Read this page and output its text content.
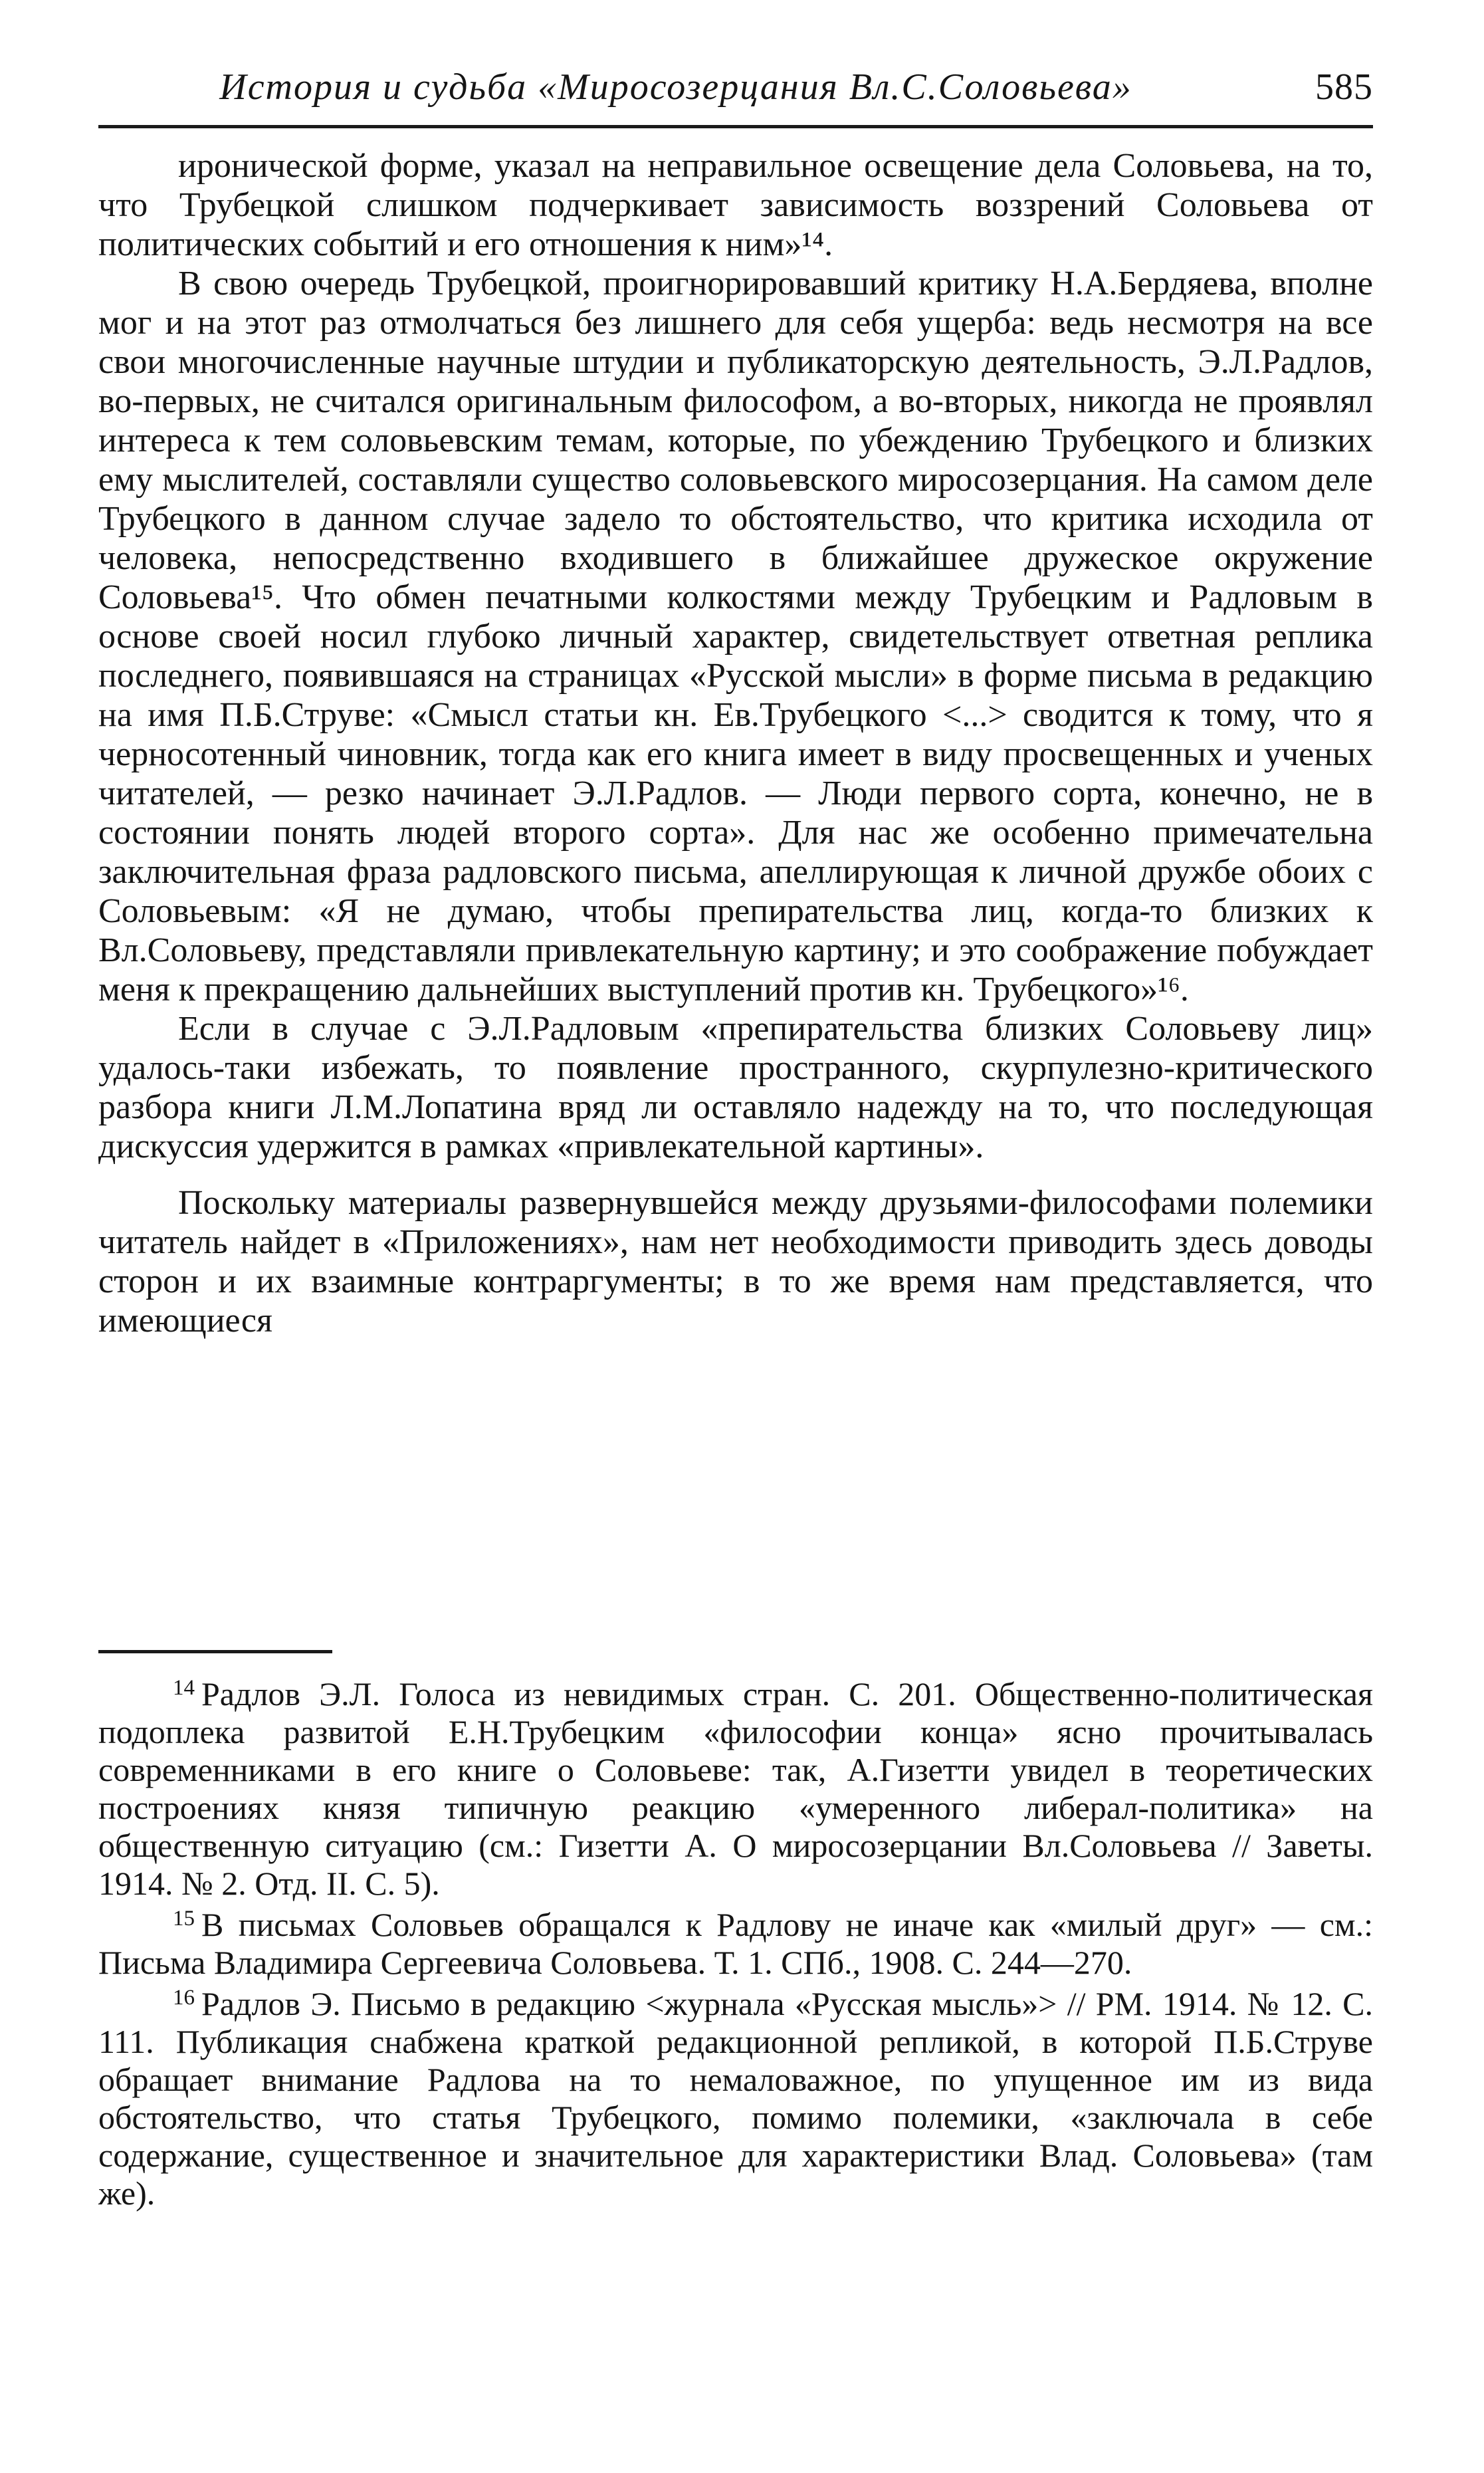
История и судьба «Миросозерцания Вл.С.Соловьева»	585

иронической форме, указал на неправильное освещение дела Соловьева, на то, что Трубецкой слишком подчеркивает зависимость воззрений Соловьева от политических событий и его отношения к ним»¹⁴.

В свою очередь Трубецкой, проигнорировавший критику Н.А.Бердяева, вполне мог и на этот раз отмолчаться без лишнего для себя ущерба: ведь несмотря на все свои многочисленные научные штудии и публикаторскую деятельность, Э.Л.Радлов, во-первых, не считался оригинальным философом, а во-вторых, никогда не проявлял интереса к тем соловьевским темам, которые, по убеждению Трубецкого и близких ему мыслителей, составляли существо соловьевского миросозерцания. На самом деле Трубецкого в данном случае задело то обстоятельство, что критика исходила от человека, непосредственно входившего в ближайшее дружеское окружение Соловьева¹⁵. Что обмен печатными колкостями между Трубецким и Радловым в основе своей носил глубоко личный характер, свидетельствует ответная реплика последнего, появившаяся на страницах «Русской мысли» в форме письма в редакцию на имя П.Б.Струве: «Смысл статьи кн. Ев.Трубецкого <...> сводится к тому, что я черносотенный чиновник, тогда как его книга имеет в виду просвещенных и ученых читателей, — резко начинает Э.Л.Радлов. — Люди первого сорта, конечно, не в состоянии понять людей второго сорта». Для нас же особенно примечательна заключительная фраза радловского письма, апеллирующая к личной дружбе обоих с Соловьевым: «Я не думаю, чтобы препирательства лиц, когда-то близких к Вл.Соловьеву, представляли привлекательную картину; и это соображение побуждает меня к прекращению дальнейших выступлений против кн. Трубецкого»¹⁶.

Если в случае с Э.Л.Радловым «препирательства близких Соловьеву лиц» удалось-таки избежать, то появление пространного, скурпулезно-критического разбора книги Л.М.Лопатина вряд ли оставляло надежду на то, что последующая дискуссия удержится в рамках «привлекательной картины».

Поскольку материалы развернувшейся между друзьями-философами полемики читатель найдет в «Приложениях», нам нет необходимости приводить здесь доводы сторон и их взаимные контраргументы; в то же время нам представляется, что имеющиеся

$^{14}$ Радлов Э.Л. Голоса из невидимых стран. С. 201. Общественно-политическая подоплека развитой Е.Н.Трубецким «философии конца» ясно прочитывалась современниками в его книге о Соловьеве: так, А.Гизетти увидел в теоретических построениях князя типичную реакцию «умеренного либерал-политика» на общественную ситуацию (см.: Гизетти А. О миросозерцании Вл.Соловьева // Заветы. 1914. № 2. Отд. II. С. 5).

$^{15}$ В письмах Соловьев обращался к Радлову не иначе как «милый друг» — см.: Письма Владимира Сергеевича Соловьева. Т. 1. СПб., 1908. С. 244—270.

$^{16}$ Радлов Э. Письмо в редакцию <журнала «Русская мысль»> // РМ. 1914. № 12. С. 111. Публикация снабжена краткой редакционной репликой, в которой П.Б.Струве обращает внимание Радлова на то немаловажное, по упущенное им из вида обстоятельство, что статья Трубецкого, помимо полемики, «заключала в себе содержание, существенное и значительное для характеристики Влад. Соловьева» (там же).
